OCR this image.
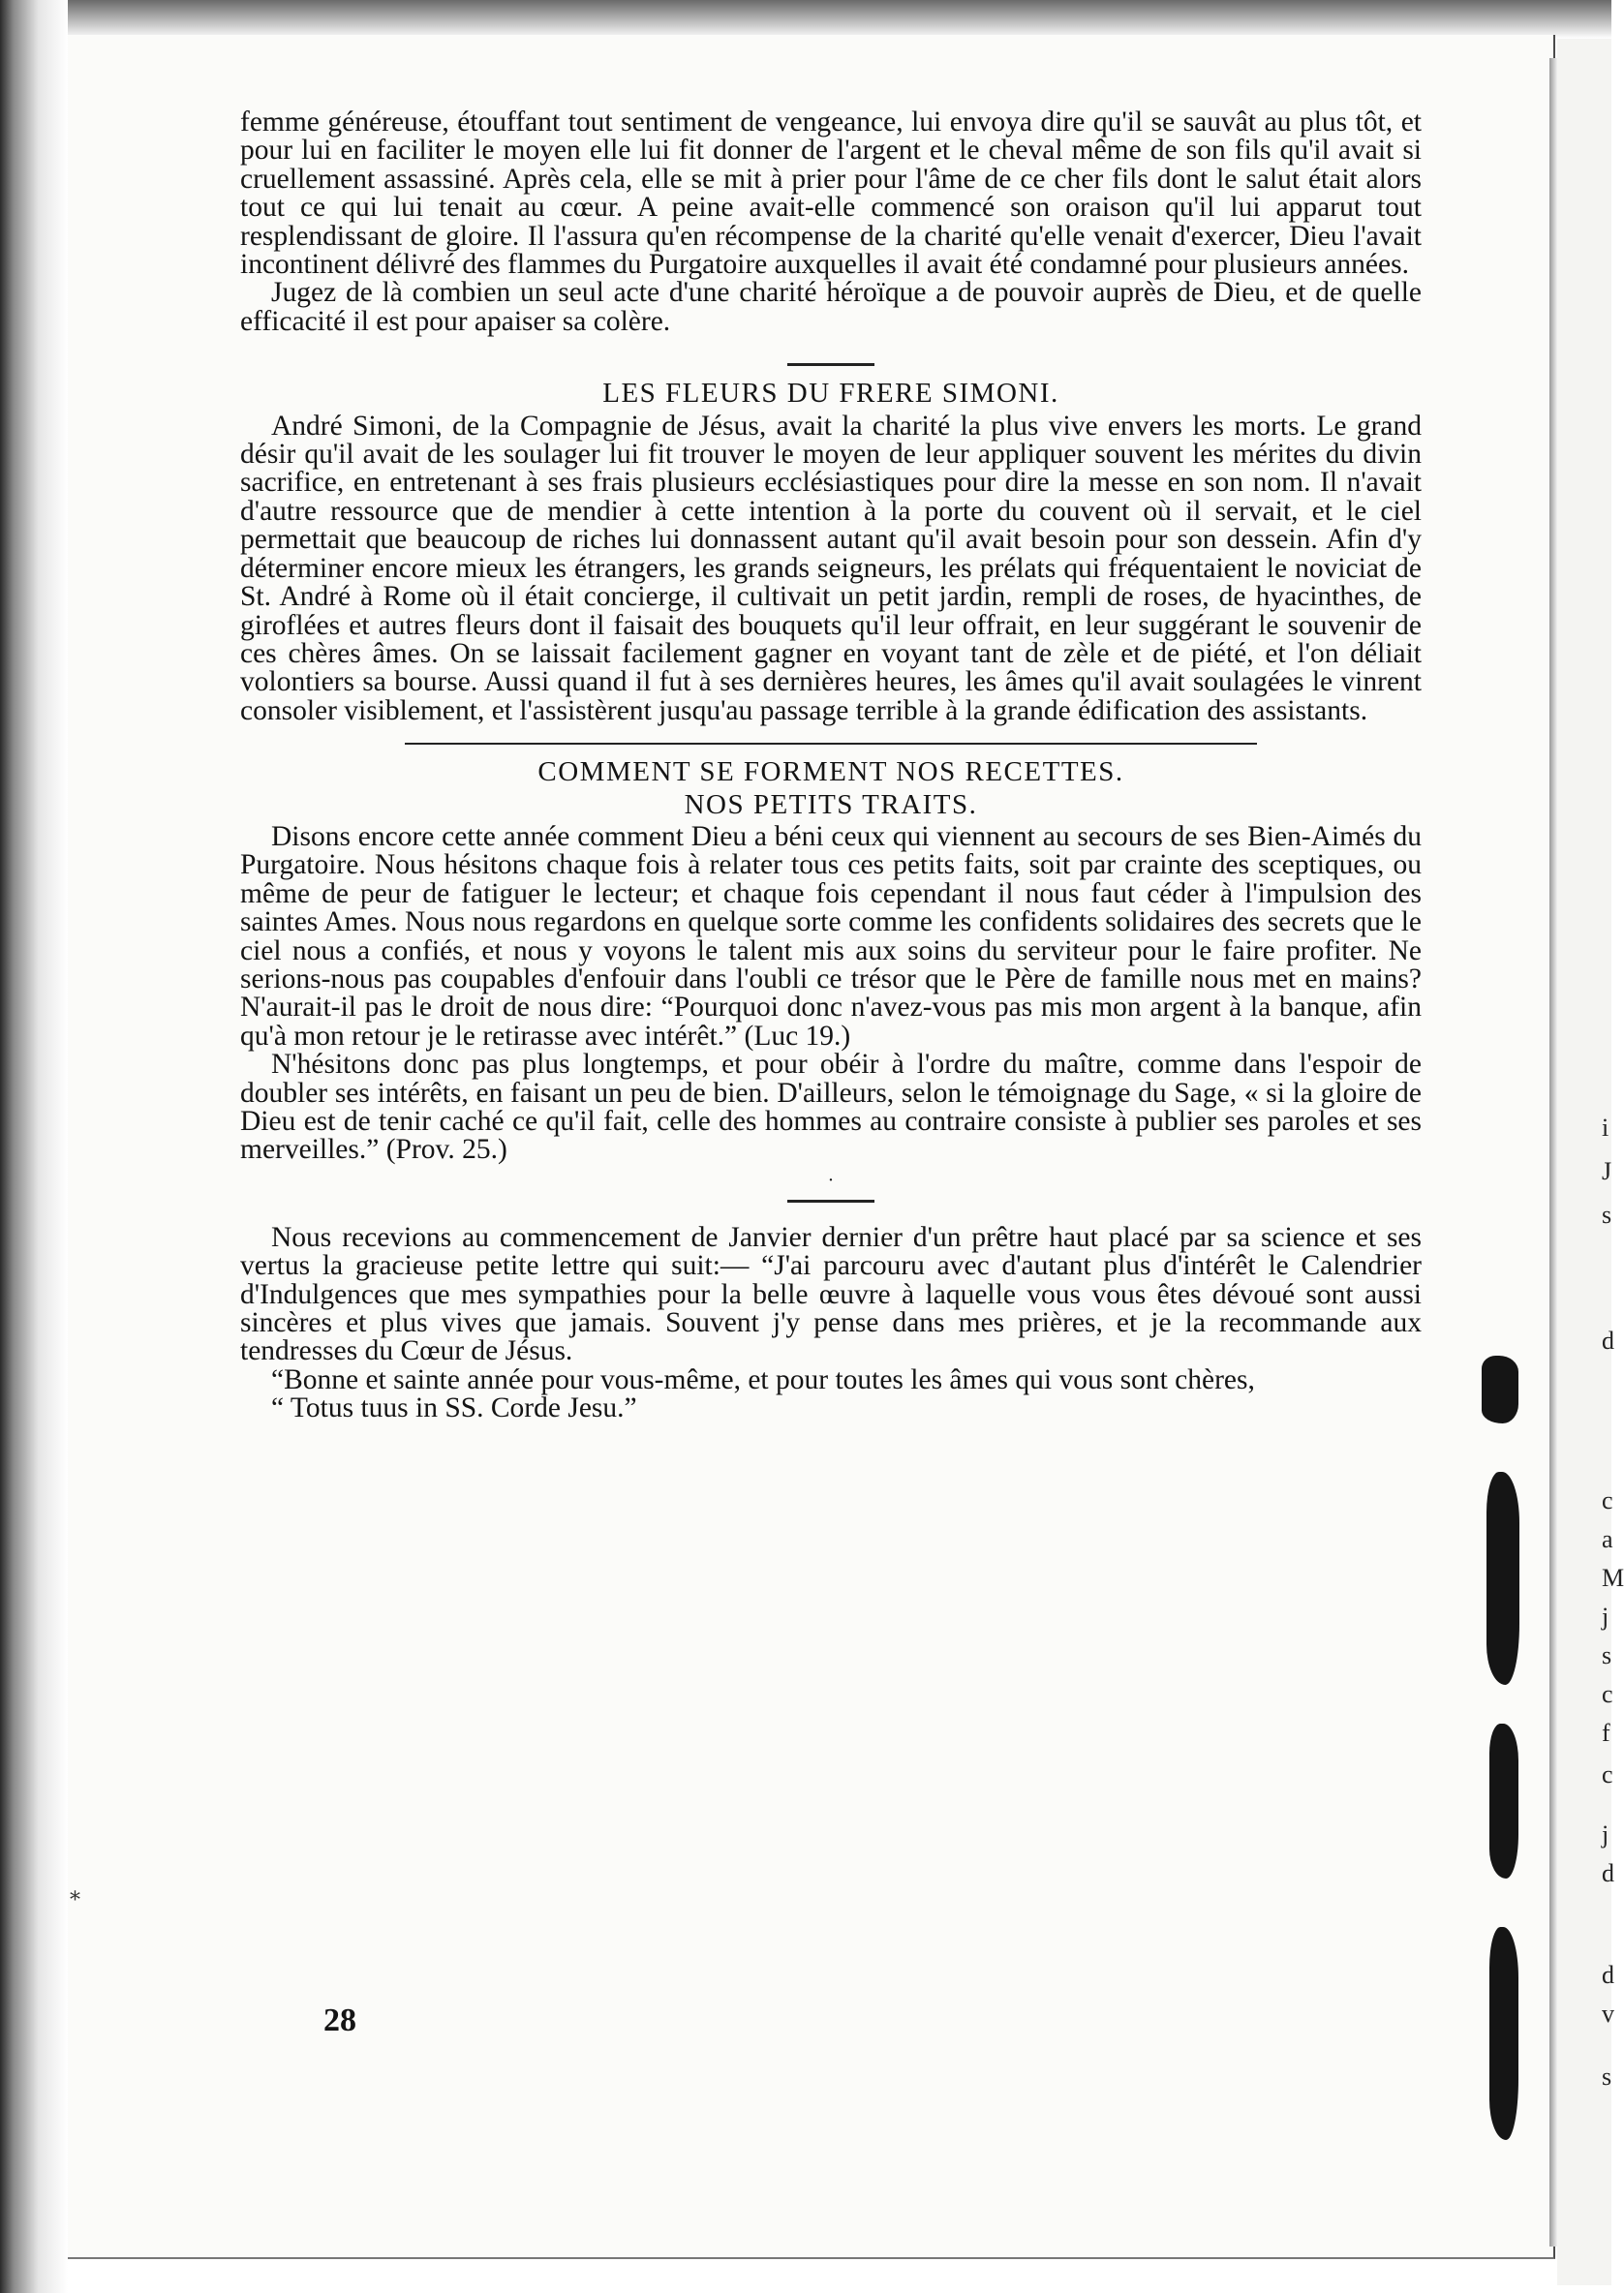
i
J
s
d
c
a
M
j
s
c
f
c
j
d
d
v
s
⁎

femme généreuse, étouffant tout sentiment de vengeance, lui envoya dire qu'il se sauvât au plus tôt, et pour lui en faciliter le moyen elle lui fit donner de l'argent et le cheval même de son fils qu'il avait si cruellement assassiné. Après cela, elle se mit à prier pour l'âme de ce cher fils dont le salut était alors tout ce qui lui tenait au cœur. A peine avait-elle commencé son oraison qu'il lui apparut tout resplendissant de gloire. Il l'assura qu'en récompense de la charité qu'elle venait d'exercer, Dieu l'avait incontinent délivré des flammes du Purgatoire auxquelles il avait été condamné pour plusieurs années.

Jugez de là combien un seul acte d'une charité héroïque a de pouvoir auprès de Dieu, et de quelle efficacité il est pour apaiser sa colère.

LES FLEURS DU FRERE SIMONI.

André Simoni, de la Compagnie de Jésus, avait la charité la plus vive envers les morts. Le grand désir qu'il avait de les soulager lui fit trouver le moyen de leur appliquer souvent les mérites du divin sacrifice, en entretenant à ses frais plusieurs ecclésiastiques pour dire la messe en son nom. Il n'avait d'autre ressource que de mendier à cette intention à la porte du couvent où il servait, et le ciel permettait que beaucoup de riches lui donnassent autant qu'il avait besoin pour son dessein. Afin d'y déterminer encore mieux les étrangers, les grands seigneurs, les prélats qui fréquentaient le noviciat de St. André à Rome où il était concierge, il cultivait un petit jardin, rempli de roses, de hyacinthes, de giroflées et autres fleurs dont il faisait des bouquets qu'il leur offrait, en leur suggérant le souvenir de ces chères âmes. On se laissait facilement gagner en voyant tant de zèle et de piété, et l'on déliait volontiers sa bourse. Aussi quand il fut à ses dernières heures, les âmes qu'il avait soulagées le vinrent consoler visiblement, et l'assistèrent jusqu'au passage terrible à la grande édification des assistants.

COMMENT SE FORMENT NOS RECETTES.
NOS PETITS TRAITS.

Disons encore cette année comment Dieu a béni ceux qui viennent au secours de ses Bien-Aimés du Purgatoire. Nous hésitons chaque fois à relater tous ces petits faits, soit par crainte des sceptiques, ou même de peur de fatiguer le lecteur; et chaque fois cependant il nous faut céder à l'impulsion des saintes Ames. Nous nous regardons en quelque sorte comme les confidents solidaires des secrets que le ciel nous a confiés, et nous y voyons le talent mis aux soins du serviteur pour le faire profiter. Ne serions-nous pas coupables d'enfouir dans l'oubli ce trésor que le Père de famille nous met en mains? N'aurait-il pas le droit de nous dire: “Pourquoi donc n'avez-vous pas mis mon argent à la banque, afin qu'à mon retour je le retirasse avec intérêt.” (Luc 19.)

N'hésitons donc pas plus longtemps, et pour obéir à l'ordre du maître, comme dans l'espoir de doubler ses intérêts, en faisant un peu de bien. D'ailleurs, selon le témoignage du Sage, « si la gloire de Dieu est de tenir caché ce qu'il fait, celle des hommes au contraire consiste à publier ses paroles et ses merveilles.” (Prov. 25.)

·

Nous recevions au commencement de Janvier dernier d'un prêtre haut placé par sa science et ses vertus la gracieuse petite lettre qui suit:— “J'ai parcouru avec d'autant plus d'intérêt le Calendrier d'Indulgences que mes sympathies pour la belle œuvre à laquelle vous vous êtes dévoué sont aussi sincères et plus vives que jamais. Souvent j'y pense dans mes prières, et je la recommande aux tendresses du Cœur de Jésus.

“Bonne et sainte année pour vous-même, et pour toutes les âmes qui vous sont chères,

“ Totus tuus in SS. Corde Jesu.”

28
